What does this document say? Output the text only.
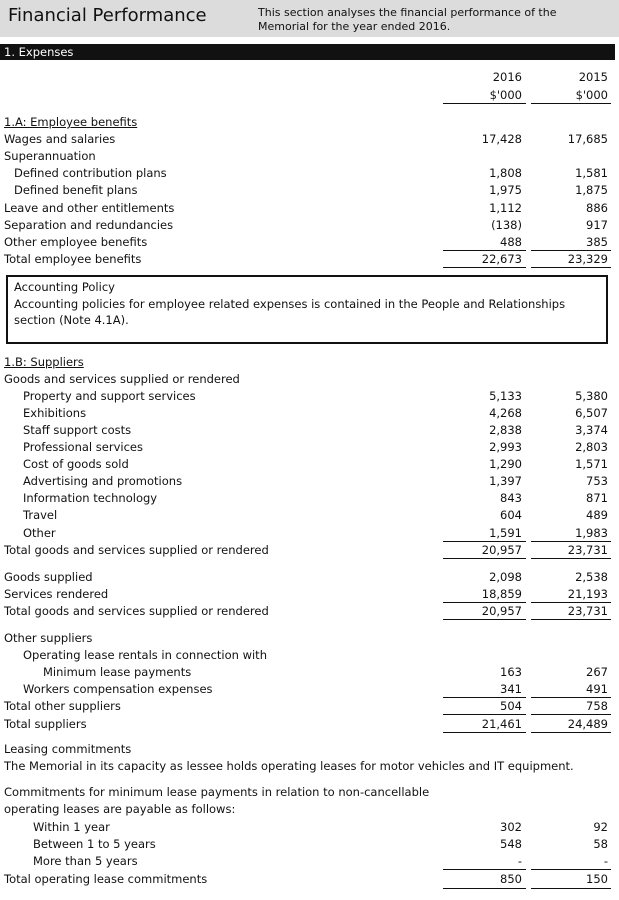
Financial Performance	This section analyses the financial performance of the Memorial for the year ended 2016.
1. Expenses
2016	2015
$'000	$'000
1.A: Employee benefits
Wages and salaries	17,428	17,685
Superannuation
Defined contribution plans	1,808	1,581
Defined benefit plans	1,975	1,875
Leave and other entitlements	1,112	886
Separation and redundancies	(138)	917
Other employee benefits	488	385
Total employee benefits	22,673	23,329
Accounting Policy
Accounting policies for employee related expenses is contained in the People and Relationships section (Note 4.1A).
1.B: Suppliers
Goods and services supplied or rendered
Property and support services	5,133	5,380
Exhibitions	4,268	6,507
Staff support costs	2,838	3,374
Professional services	2,993	2,803
Cost of goods sold	1,290	1,571
Advertising and promotions	1,397	753
Information technology	843	871
Travel	604	489
Other	1,591	1,983
Total goods and services supplied or rendered	20,957	23,731
Goods supplied	2,098	2,538
Services rendered	18,859	21,193
Total goods and services supplied or rendered	20,957	23,731
Other suppliers
Operating lease rentals in connection with
Minimum lease payments	163	267
Workers compensation expenses	341	491
Total other suppliers	504	758
Total suppliers	21,461	24,489
Leasing commitments
The Memorial in its capacity as lessee holds operating leases for motor vehicles and IT equipment.
Commitments for minimum lease payments in relation to non-cancellable
operating leases are payable as follows:
Within 1 year	302	92
Between 1 to 5 years	548	58
More than 5 years	-	-
Total operating lease commitments	850	150
